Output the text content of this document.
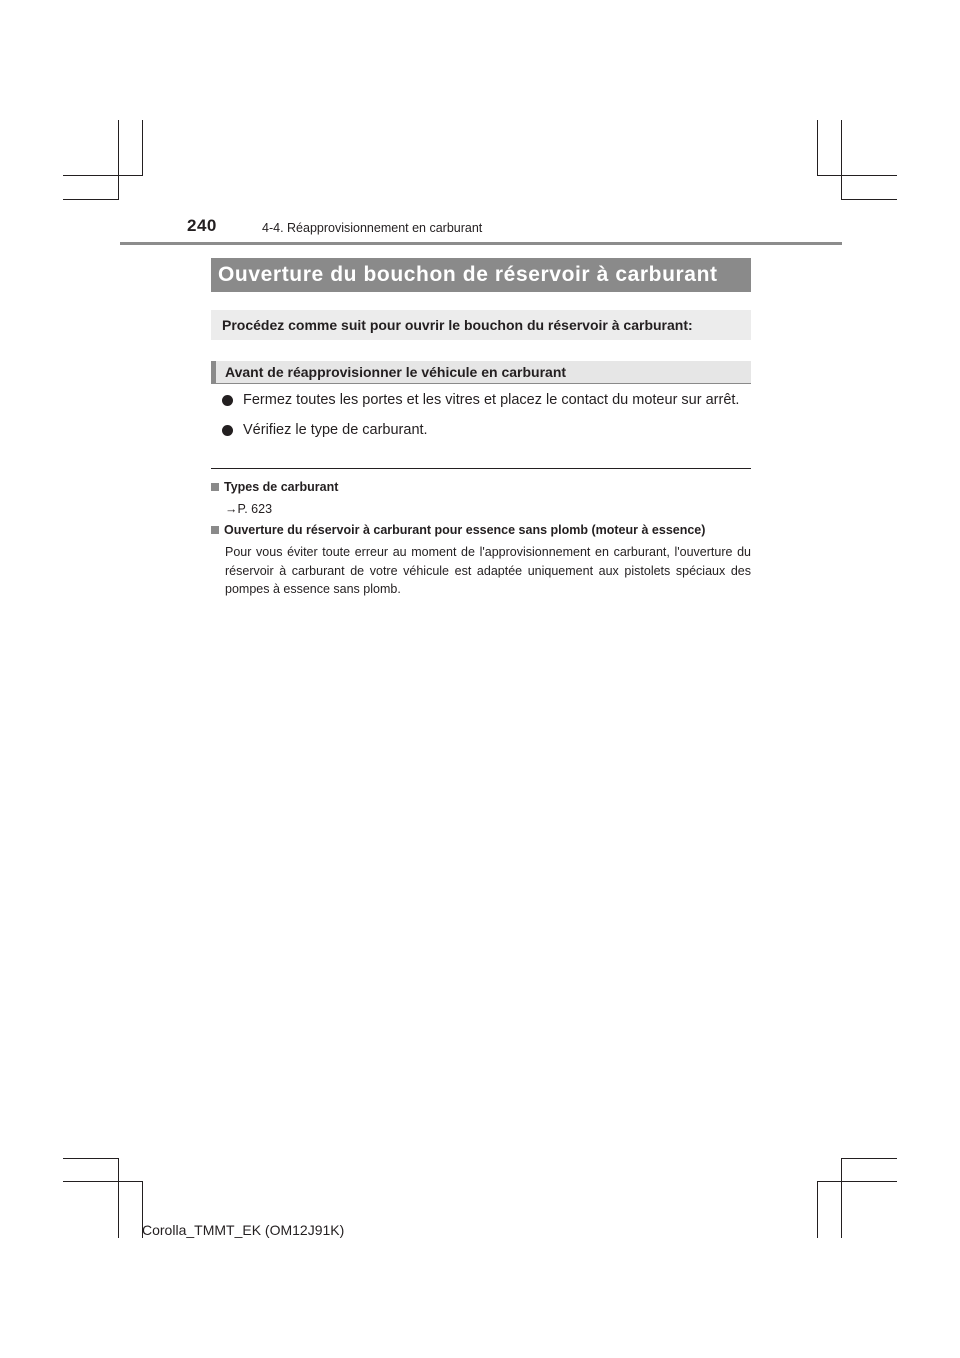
240	4-4. Réapprovisionnement en carburant
Ouverture du bouchon de réservoir à carburant
Procédez comme suit pour ouvrir le bouchon du réservoir à carburant:
Avant de réapprovisionner le véhicule en carburant
Fermez toutes les portes et les vitres et placez le contact du moteur sur arrêt.
Vérifiez le type de carburant.
Types de carburant
→P. 623
Ouverture du réservoir à carburant pour essence sans plomb (moteur à essence)
Pour vous éviter toute erreur au moment de l'approvisionnement en carburant, l'ouverture du réservoir à carburant de votre véhicule est adaptée uniquement aux pistolets spéciaux des pompes à essence sans plomb.
Corolla_TMMT_EK (OM12J91K)
